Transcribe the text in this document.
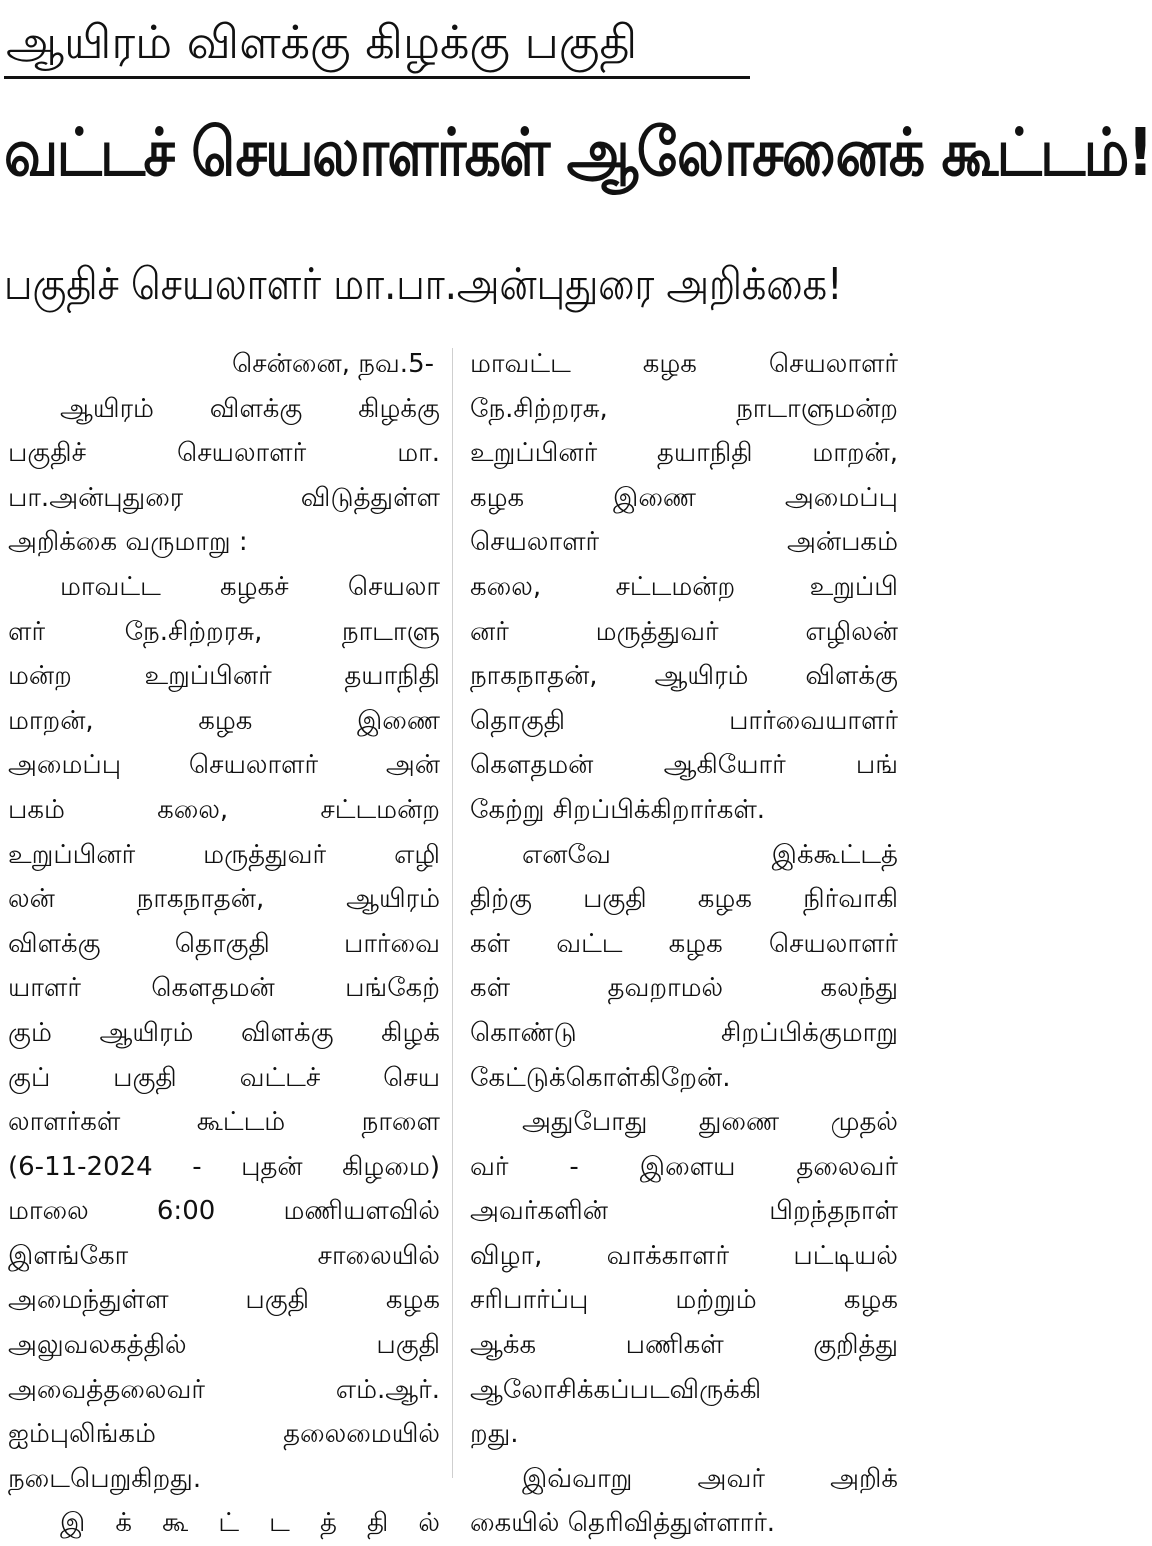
ஆயிரம் விளக்கு கிழக்கு பகுதி
வட்டச் செயலாளர்கள் ஆலோசனைக் கூட்டம்!
பகுதிச் செயலாளர் மா.பா.அன்புதுரை அறிக்கை!
சென்னை, நவ.5-
ஆயிரம் விளக்கு கிழக்கு
பகுதிச் செயலாளர் மா.
பா.அன்புதுரை விடுத்துள்ள
அறிக்கை வருமாறு :
மாவட்ட கழகச் செயலா
ளர் நே.சிற்றரசு, நாடாளு
மன்ற உறுப்பினர் தயாநிதி
மாறன், கழக இணை
அமைப்பு செயலாளர் அன்
பகம் கலை, சட்டமன்ற
உறுப்பினர் மருத்துவர் எழி
லன் நாகநாதன், ஆயிரம்
விளக்கு தொகுதி பார்வை
யாளர் கௌதமன் பங்கேற்
கும் ஆயிரம் விளக்கு கிழக்
குப் பகுதி வட்டச் செய
லாளர்கள் கூட்டம் நாளை
(6-11-2024 - புதன் கிழமை)
மாலை 6:00 மணியளவில்
இளங்கோ சாலையில்
அமைந்துள்ள பகுதி கழக
அலுவலகத்தில் பகுதி
அவைத்தலைவர் எம்.ஆர்.
ஐம்புலிங்கம் தலைமையில்
நடைபெறுகிறது.
இ க் கூ ட் ட த் தி ல்
மாவட்ட கழக செயலாளர்
நே.சிற்றரசு, நாடாளுமன்ற
உறுப்பினர் தயாநிதி மாறன்,
கழக இணை அமைப்பு
செயலாளர் அன்பகம்
கலை, சட்டமன்ற உறுப்பி
னர் மருத்துவர் எழிலன்
நாகநாதன், ஆயிரம் விளக்கு
தொகுதி பார்வையாளர்
கௌதமன் ஆகியோர் பங்
கேற்று சிறப்பிக்கிறார்கள்.
எனவே இக்கூட்டத்
திற்கு பகுதி கழக நிர்வாகி
கள் வட்ட கழக செயலாளர்
கள் தவறாமல் கலந்து
கொண்டு சிறப்பிக்குமாறு
கேட்டுக்கொள்கிறேன்.
அதுபோது துணை முதல்
வர் - இளைய தலைவர்
அவர்களின் பிறந்தநாள்
விழா, வாக்காளர் பட்டியல்
சரிபார்ப்பு மற்றும் கழக
ஆக்க பணிகள் குறித்து
ஆலோசிக்கப்படவிருக்கி
றது.
இவ்வாறு அவர் அறிக்
கையில் தெரிவித்துள்ளார்.
